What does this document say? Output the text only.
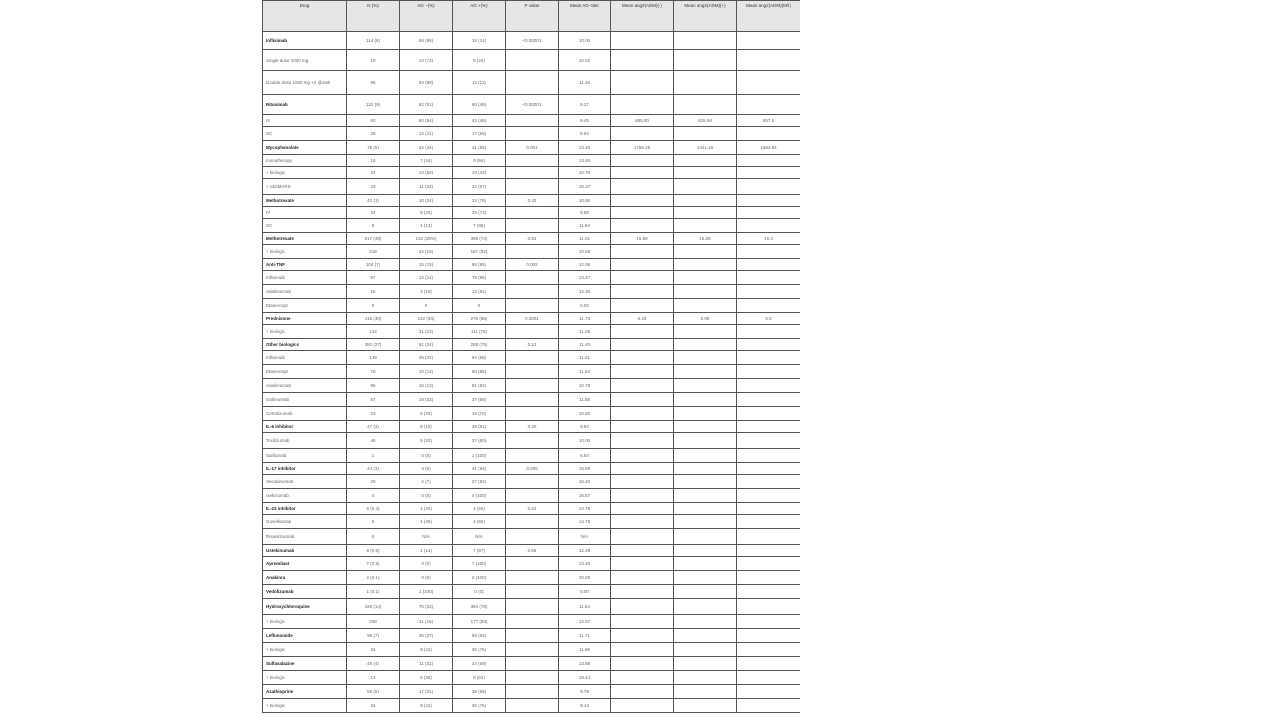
Drug	N (%)	AG −(%)	AG +(%)	P value	Mean AG−titer	Mean ang2(ADM)(·)	Mean ang2(ADM)(+)	Mean ang2(ADM)(M/I)
Infliximab	114 (8)	98 (86)	16 (14)	<0.00001	10.00			
Single dose 1000 mg	19	14 (74)	5 (26)		10.02			
Double dose 1000 mg ×2 @2wk	95	84 (88)	11 (12)		11.16			
Rituximab	122 (9)	62 (51)	60 (49)	<0.00001	9.27			
IV	93	50 (54)	43 (46)		9.45	885.00	825.58	857.5
SC	29	12 (41)	17 (59)		8.84			
Mycophenolate	76 (5)	42 (44)	41 (56)	0.001	13.40	1766.25	1441.46	1583.84
monotherapy	16	7 (44)	9 (56)		13.60			
+ biologic	24	14 (58)	10 (42)		10.70			
+ csDMARD	33	11 (33)	22 (67)		15.37			
Methotrexate	42 (3)	10 (24)	32 (76)	0.43	10.90			
IV	34	9 (26)	25 (74)		9.85			
SC	8	1 (13)	7 (88)		11.94			
Methotrexate	517 (48)	132 (25%)	385 (74)	0.84	11.01	16.88	16.26	16.4
+ biologic	219	42 (19)	187 (82)		10.69			
Anti-TNF	104 (7)	15 (15)	88 (85)	0.002	12.98			
Infliximab	87	12 (14)	75 (86)		13.47			
Adalimumab	16	3 (19)	13 (81)		12.30			
Etanercept	0	0	0		0.00			
Prednisone	418 (30)	142 (34)	276 (66)	0.0001	11.73	6.43	5.59	5.8
+ biologic	142	31 (22)	111 (78)		11.08			
Other biologics	382 (27)	91 (24)	288 (75)	0.12	11.40			
Infliximab	139	45 (32)	94 (68)		11.61			
Etanercept	70	10 (14)	60 (86)		11.54			
Adalimumab	86	15 (13)	81 (83)		10.78			
Golimumab	57	19 (33)	37 (65)		11.88			
Certolizumab	23	5 (29)	16 (76)		10.80			
IL-6 inhibitor	47 (4)	9 (19)	38 (81)	0.20	9.84			
Tocilizumab	46	9 (20)	37 (80)		10.00			
Sarilumab	1	0 (0)	1 (100)		6.84			
IL-17 inhibitor	44 (3)	3 (6)	41 (94)	0.005	15.59			
Secukinumab	29	2 (7)	27 (93)		15.40			
Ixekizumab	4	0 (0)	4 (100)		16.67			
IL-23 inhibitor	5 (0.4)	1 (40)	4 (60)	0.62	14.75			
Guselkumab	5	1 (40)	4 (60)		14.75			
Risankizumab	0	N/A	N/A		N/A			
Ustekinumab	8 (0.6)	1 (14)	7 (87)	0.69	12.48			
Apremilast	7 (0.5)	0 (0)	7 (100)		13.40			
Anakinra	2 (0.1)	0 (0)	2 (100)		20.00			
Vedolizumab	1 (0.1)	1 (100)	0 (0)		0.00			
Hydroxychloroquine	426 (14)	76 (22)	354 (78)		11.54			
+ biologic	208	41 (16)	177 (83)		12.87			
Leflunomide	95 (7)	35 (37)	59 (64)		11.71			
+ biologic	34	8 (24)	26 (76)		11.86			
Sulfasalazine	45 (4)	11 (31)	24 (69)		13.88			
+ biologic	13	5 (38)	8 (62)		19.44			
Azathioprine	55 (5)	17 (31)	38 (69)		9.79			
+ biologic	34	8 (24)	26 (76)		9.14			
